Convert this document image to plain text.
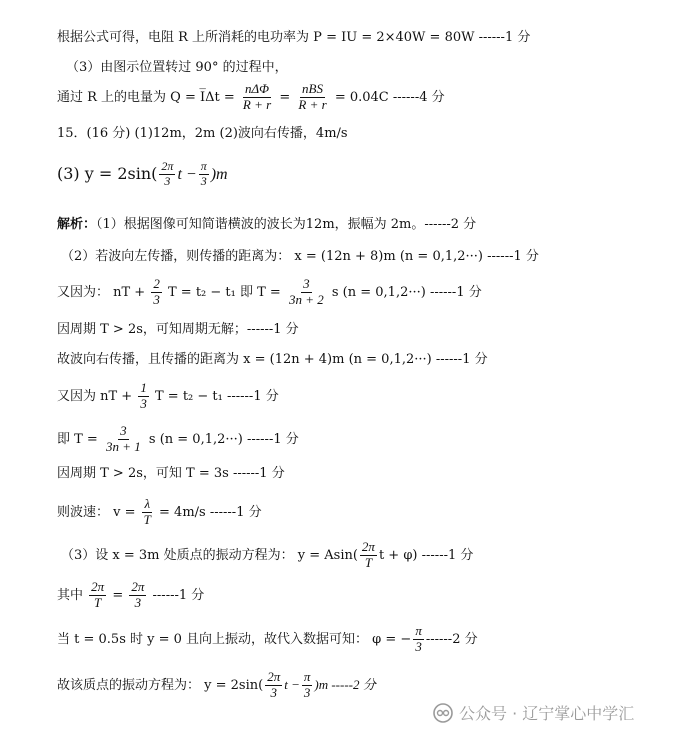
根据公式可得，电阻 R 上所消耗的电功率为 P = IU = 2×40W = 80W ------1 分
（3）由图示位置转过 90° 的过程中，
通过 R 上的电量为 Q = I̅Δt =
nΔΦ
R + r =
nBS
R + r = 0.04C ------4 分
15．(16 分) (1)12m，2m (2)波向右传播，4m/s
(3) $y = 2\sin( \frac{2\pi}{3}$ $t - \frac{\pi}{3} )m$
解析：（1）根据图像可知简谐横波的波长为12m，振幅为 2m。------2 分
（2）若波向左传播，则传播的距离为： x = (12n + 8)m (n = 0,1,2···) ------1 分
又因为： nT + $\frac{2}{3}$ T = t₂ − t₁ 即 $T = \frac{3}{3n + 2}$ s (n = 0,1,2···) ------1 分
因周期 T > 2s，可知周期无解；------1 分
故波向右传播，且传播的距离为 x = (12n + 4)m (n = 0,1,2···) ------1 分
又因为 nT + $\frac{1}{3}$ T = t₂ − t₁ ------1 分
即 $T = \frac{3}{3n + 1}$ s (n = 0,1,2···) ------1 分
因周期 T > 2s，可知 T = 3s ------1 分
则波速： $v = \frac{\lambda}{T} = 4m/s$ ------1 分
（3）设 x = 3m 处质点的振动方程为： $y = Asin( \frac{2\pi}{T}$ t + φ) ------1 分
其中 $\frac{2\pi}{T} = \frac{2\pi}{3} ------1$ 分
当 t = 0.5s 时 y = 0 且向上振动，故代入数据可知： φ = − $\frac{\pi}{3} ------2$ 分
故该质点的振动方程为： $y = 2\sin( \frac{2\pi}{3}$ $t - \frac{\pi}{3} )m$ -----2 分
公众号 · 辽宁掌心中学汇
